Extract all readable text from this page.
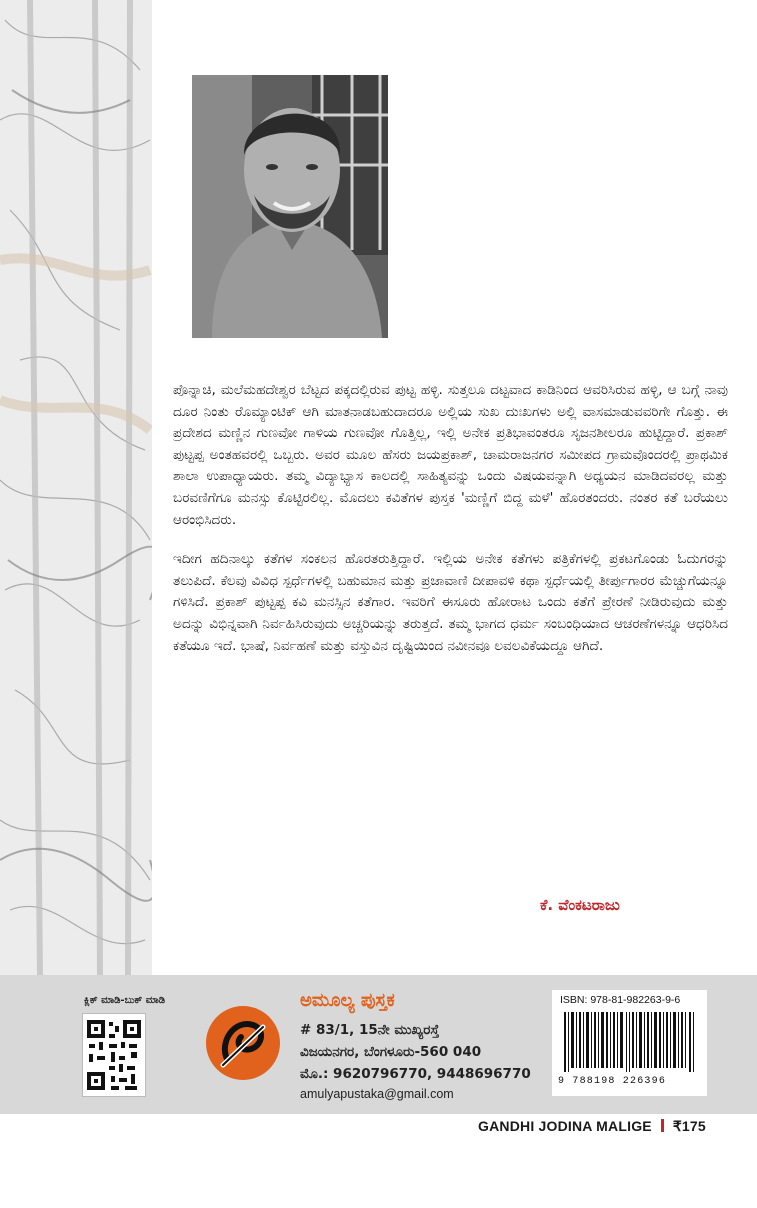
ಪೊನ್ನಾಚಿ, ಮಲೆಮಹದೇಶ್ವರ ಬೆಟ್ಟದ ಪಕ್ಕದಲ್ಲಿರುವ ಪುಟ್ಟ ಹಳ್ಳಿ. ಸುತ್ತಲೂ ದಟ್ಟವಾದ ಕಾಡಿನಿಂದ ಆವರಿಸಿರುವ ಹಳ್ಳಿ, ಆ ಬಗ್ಗೆ ನಾವು ದೂರ ನಿಂತು ರೊಮ್ಯಾಂಟಿಕ್ ಆಗಿ ಮಾತನಾಡಬಹುದಾದರೂ ಅಲ್ಲಿಯ ಸುಖ ದುಃಖಗಳು ಅಲ್ಲಿ ವಾಸಮಾಡುವವರಿಗೇ ಗೊತ್ತು. ಈ ಪ್ರದೇಶದ ಮಣ್ಣಿನ ಗುಣವೋ ಗಾಳಿಯ ಗುಣವೋ ಗೊತ್ತಿಲ್ಲ, ಇಲ್ಲಿ ಅನೇಕ ಪ್ರತಿಭಾವಂತರೂ ಸೃಜನಶೀಲರೂ ಹುಟ್ಟಿದ್ದಾರೆ. ಪ್ರಕಾಶ್ ಪುಟ್ಟಪ್ಪ ಅಂತಹವರಲ್ಲಿ ಒಬ್ಬರು. ಅವರ ಮೂಲ ಹೆಸರು ಜಯಪ್ರಕಾಶ್, ಚಾಮರಾಜನಗರ ಸಮೀಪದ ಗ್ರಾಮವೊಂದರಲ್ಲಿ ಪ್ರಾಥಮಿಕ ಶಾಲಾ ಉಪಾಧ್ಯಾಯರು. ತಮ್ಮ ವಿದ್ಯಾಭ್ಯಾಸ ಕಾಲದಲ್ಲಿ ಸಾಹಿತ್ಯವನ್ನು ಒಂದು ವಿಷಯವನ್ನಾಗಿ ಅಧ್ಯಯನ ಮಾಡಿದವರಲ್ಲ ಮತ್ತು ಬರವಣಿಗೆಗೂ ಮನಸ್ಸು ಕೊಟ್ಟಿರಲಿಲ್ಲ. ಮೊದಲು ಕವಿತೆಗಳ ಪುಸ್ತಕ 'ಮಣ್ಣಿಗೆ ಬಿದ್ದ ಮಳೆ' ಹೊರತಂದರು. ನಂತರ ಕತೆ ಬರೆಯಲು ಆರಂಭಿಸಿದರು.

ಇದೀಗ ಹದಿನಾಲ್ಕು ಕತೆಗಳ ಸಂಕಲನ ಹೊರತರುತ್ತಿದ್ದಾರೆ. ಇಲ್ಲಿಯ ಅನೇಕ ಕತೆಗಳು ಪತ್ರಿಕೆಗಳಲ್ಲಿ ಪ್ರಕಟಗೊಂಡು ಓದುಗರನ್ನು ತಲುಪಿದೆ. ಕೆಲವು ವಿವಿಧ ಸ್ಪರ್ಧೆಗಳಲ್ಲಿ ಬಹುಮಾನ ಮತ್ತು ಪ್ರಜಾವಾಣಿ ದೀಪಾವಳಿ ಕಥಾ ಸ್ಪರ್ಧೆಯಲ್ಲಿ ತೀರ್ಪುಗಾರರ ಮೆಚ್ಚುಗೆಯನ್ನೂ ಗಳಿಸಿದೆ. ಪ್ರಕಾಶ್ ಪುಟ್ಟಪ್ಪ ಕವಿ ಮನಸ್ಸಿನ ಕತೆಗಾರ. ಇವರಿಗೆ ಈಸೂರು ಹೋರಾಟ ಒಂದು ಕತೆಗೆ ಪ್ರೇರಣೆ ನೀಡಿರುವುದು ಮತ್ತು ಅದನ್ನು ವಿಭಿನ್ನವಾಗಿ ನಿರ್ವಹಿಸಿರುವುದು ಅಚ್ಚರಿಯನ್ನು ತರುತ್ತದೆ. ತಮ್ಮ ಭಾಗದ ಧರ್ಮ ಸಂಬಂಧಿಯಾದ ಆಚರಣೆಗಳನ್ನೂ ಆಧರಿಸಿದ ಕತೆಯೂ ಇದೆ. ಭಾಷೆ, ನಿರ್ವಹಣೆ ಮತ್ತು ವಸ್ತುವಿನ ದೃಷ್ಟಿಯಿಂದ ನವೀನವೂ ಲವಲವಿಕೆಯದ್ದೂ ಆಗಿದೆ.

ಕೆ. ವೆಂಕಟರಾಜು
ಕ್ಲಿಕ್ ಮಾಡಿ-ಬುಕ್ ಮಾಡಿ	ಅಮೂಲ್ಯ ಪುಸ್ತಕ
# 83/1, 15ನೇ ಮುಖ್ಯರಸ್ತೆ
ವಿಜಯನಗರ, ಬೆಂಗಳೂರು-560 040
ಮೊ.: 9620796770, 9448696770
amulyapustaka@gmail.com
ISBN: 978-81-982263-9-6
9 788198 226396
GANDHI JODINA MALIGE ₹175
